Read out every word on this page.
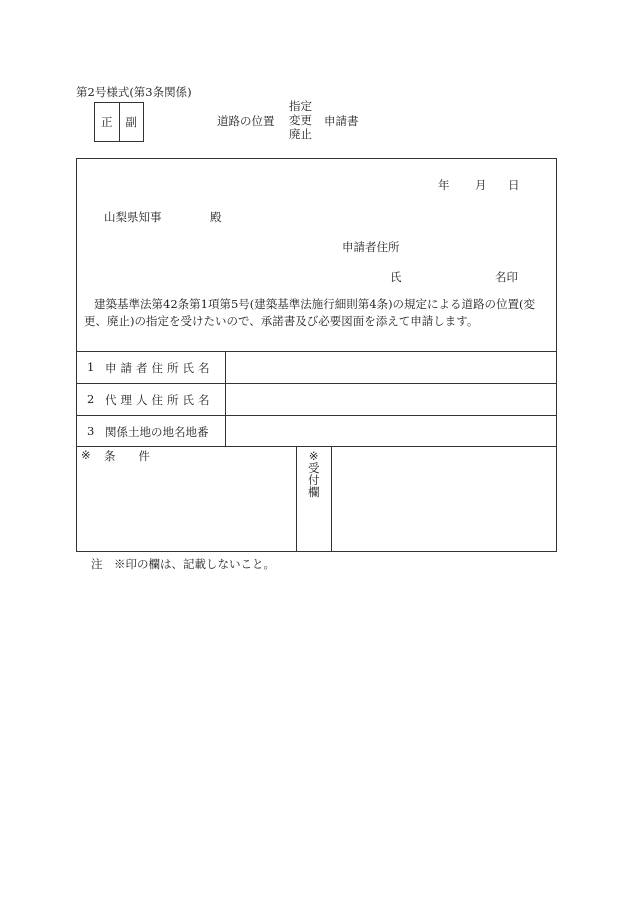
第2号様式(第3条関係)
正	副	道路の位置
指定
変更
廃止
申請書
年 月 日
山梨県知事	殿
申請者住所
氏	名印
建築基準法第42条第1項第5号(建築基準法施行細則第4条)の規定による道路の位置(変更、廃止)の指定を受けたいので、承諾書及び必要図面を添えて申請します。
1 申請者住所氏名
2 代理人住所氏名
3 関係土地の地名地番
※ 条　　件	※
受
付
欄
注　※印の欄は、記載しないこと。
